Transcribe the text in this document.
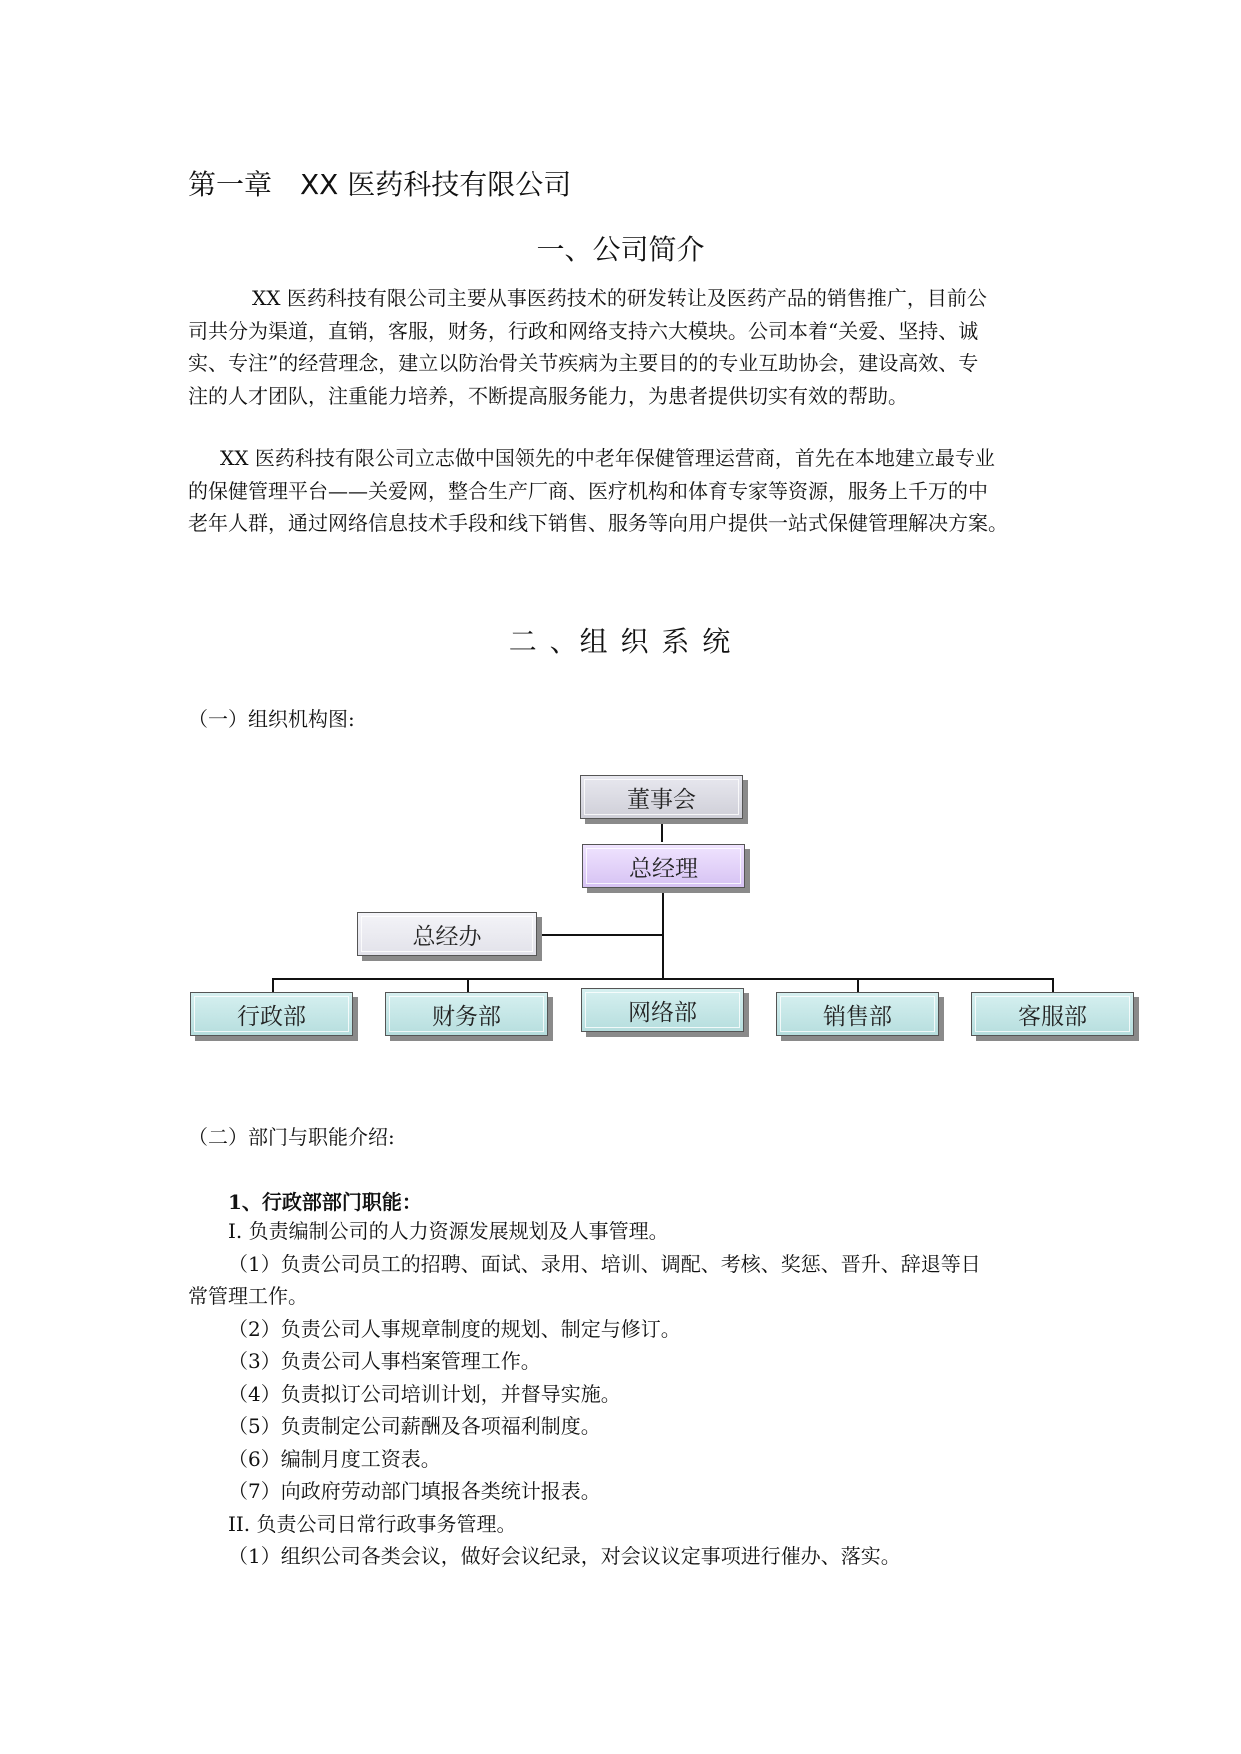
第一章　XX 医药科技有限公司
一、公司简介
XX 医药科技有限公司主要从事医药技术的研发转让及医药产品的销售推广，目前公
司共分为渠道，直销，客服，财务，行政和网络支持六大模块。公司本着“关爱、坚持、诚
实、专注”的经营理念，建立以防治骨关节疾病为主要目的的专业互助协会，建设高效、专
注的人才团队，注重能力培养，不断提高服务能力，为患者提供切实有效的帮助。
XX 医药科技有限公司立志做中国领先的中老年保健管理运营商，首先在本地建立最专业
的保健管理平台——关爱网，整合生产厂商、医疗机构和体育专家等资源，服务上千万的中
老年人群，通过网络信息技术手段和线下销售、服务等向用户提供一站式保健管理解决方案。
二 、组 织 系 统
（一）组织机构图:
董事会
总经理
总经办
行政部	财务部	网络部	销售部	客服部
（二）部门与职能介绍:
1、行政部部门职能：
I. 负责编制公司的人力资源发展规划及人事管理。
（1）负责公司员工的招聘、面试、录用、培训、调配、考核、奖惩、晋升、辞退等日
常管理工作。
（2）负责公司人事规章制度的规划、制定与修订。
（3）负责公司人事档案管理工作。
（4）负责拟订公司培训计划，并督导实施。
（5）负责制定公司薪酬及各项福利制度。
（6）编制月度工资表。
（7）向政府劳动部门填报各类统计报表。
II. 负责公司日常行政事务管理。
（1）组织公司各类会议，做好会议纪录，对会议议定事项进行催办、落实。
